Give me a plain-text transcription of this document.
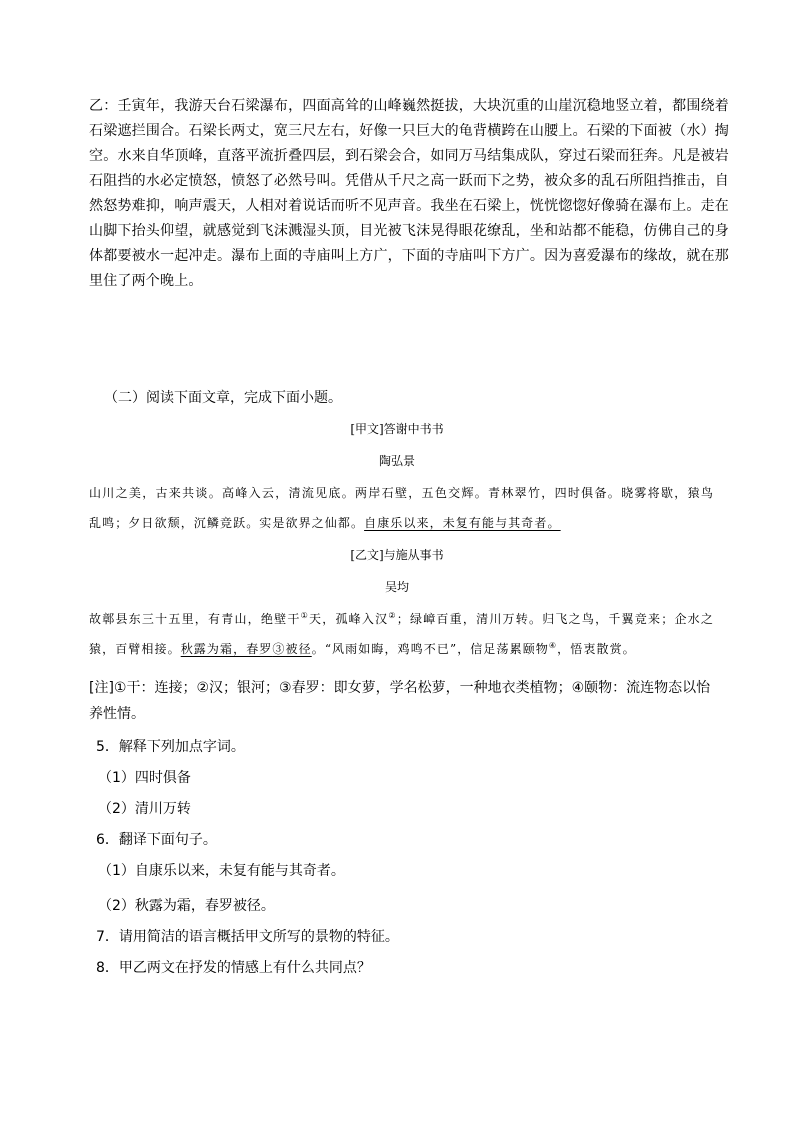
乙：壬寅年，我游天台石梁瀑布，四面高耸的山峰巍然挺拔，大块沉重的山崖沉稳地竖立着，都围绕着石梁遮拦围合。石梁长两丈，宽三尺左右，好像一只巨大的龟背横跨在山腰上。石梁的下面被（水）掏空。水来自华顶峰，直落平流折叠四层，到石梁会合，如同万马结集成队，穿过石梁而狂奔。凡是被岩石阻挡的水必定愤怒，愤怒了必然号叫。凭借从千尺之高一跃而下之势，被众多的乱石所阻挡推击，自然怒势难抑，响声震天，人相对着说话而听不见声音。我坐在石梁上，恍恍惚惚好像骑在瀑布上。走在山脚下抬头仰望，就感觉到飞沫溅湿头顶，目光被飞沫晃得眼花缭乱，坐和站都不能稳，仿佛自己的身体都要被水一起冲走。瀑布上面的寺庙叫上方广，下面的寺庙叫下方广。因为喜爱瀑布的缘故，就在那里住了两个晚上。

（二）阅读下面文章，完成下面小题。
[甲文]答谢中书书
陶弘景

山川之美，古来共谈。高峰入云，清流见底。两岸石壁，五色交辉。青林翠竹，四时俱备。晓雾将歇，猿鸟乱鸣；夕日欲颓，沉鳞竞跃。实是欲界之仙都。自康乐以来，未复有能与其奇者。

[乙文]与施从事书
吴均

故鄣县东三十五里，有青山，绝壁干①天，孤峰入汉②；绿嶂百重，清川万转。归飞之鸟，千翼竞来；企水之猿，百臂相接。秋露为霜，春罗③被径。“风雨如晦，鸡鸣不已”，信足荡累颐物④，悟衷散赏。

[注]①干：连接；②汉；银河；③春罗：即女萝，学名松萝，一种地衣类植物；④颐物：流连物态以怡养性情。

5．解释下列加点字词。
（1）四时俱备
（2）清川万转
6．翻译下面句子。
（1）自康乐以来，未复有能与其奇者。
（2）秋露为霜，春罗被径。
7．请用简洁的语言概括甲文所写的景物的特征。
8．甲乙两文在抒发的情感上有什么共同点？
